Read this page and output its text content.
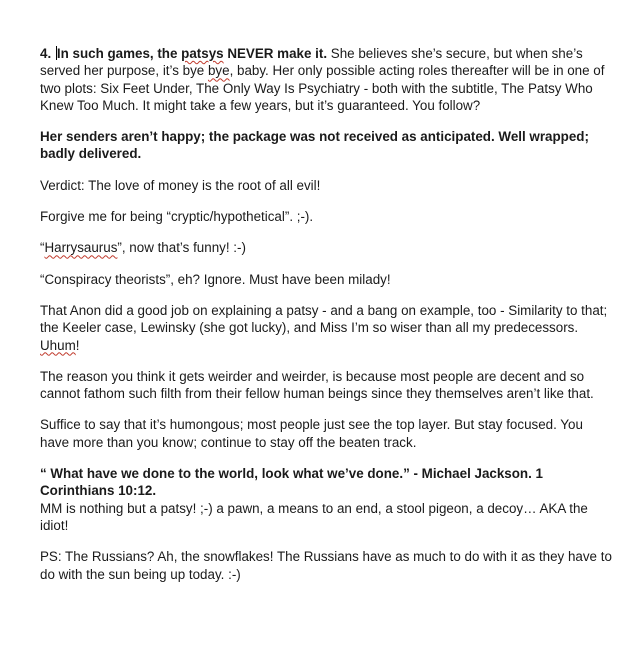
4. In such games, the patsys NEVER make it. She believes she’s secure, but when she’s served her purpose, it’s bye bye, baby. Her only possible acting roles thereafter will be in one of two plots: Six Feet Under, The Only Way Is Psychiatry - both with the subtitle, The Patsy Who Knew Too Much. It might take a few years, but it’s guaranteed. You follow?

Her senders aren’t happy; the package was not received as anticipated. Well wrapped; badly delivered.

Verdict: The love of money is the root of all evil!

Forgive me for being “cryptic/hypothetical”. ;-).

“Harrysaurus”, now that’s funny! :-)

“Conspiracy theorists”, eh? Ignore. Must have been milady!

That Anon did a good job on explaining a patsy - and a bang on example, too - Similarity to that; the Keeler case, Lewinsky (she got lucky), and Miss I’m so wiser than all my predecessors. Uhum!

The reason you think it gets weirder and weirder, is because most people are decent and so cannot fathom such filth from their fellow human beings since they themselves aren’t like that.

Suffice to say that it’s humongous; most people just see the top layer. But stay focused. You have more than you know; continue to stay off the beaten track.

“ What have we done to the world, look what we’ve done.” - Michael Jackson. 1 Corinthians 10:12.
MM is nothing but a patsy! ;-) a pawn, a means to an end, a stool pigeon, a decoy… AKA the idiot!

PS: The Russians? Ah, the snowflakes! The Russians have as much to do with it as they have to do with the sun being up today. :-)
